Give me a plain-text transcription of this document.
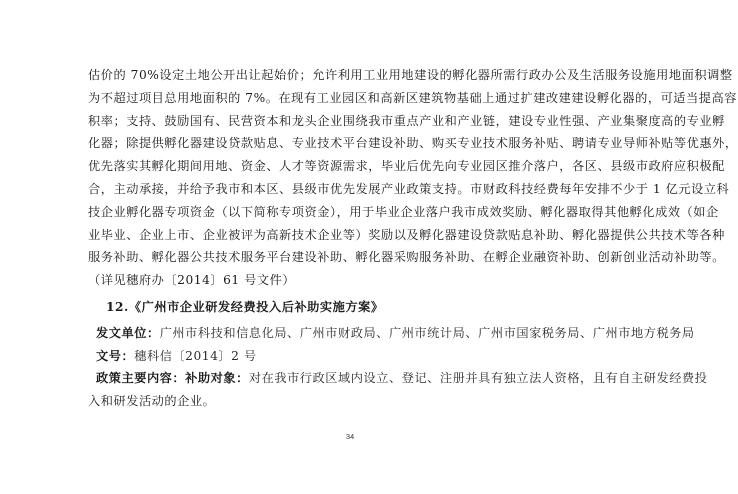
估价的 70%设定土地公开出让起始价；允许利用工业用地建设的孵化器所需行政办公及生活服务设施用地面积调整
为不超过项目总用地面积的 7%。在现有工业园区和高新区建筑物基础上通过扩建改建建设孵化器的，可适当提高容
积率；支持、鼓励国有、民营资本和龙头企业围绕我市重点产业和产业链，建设专业性强、产业集聚度高的专业孵
化器；除提供孵化器建设贷款贴息、专业技术平台建设补助、购买专业技术服务补贴、聘请专业导师补贴等优惠外，
优先落实其孵化期间用地、资金、人才等资源需求，毕业后优先向专业园区推介落户，各区、县级市政府应积极配
合，主动承接，并给予我市和本区、县级市优先发展产业政策支持。市财政科技经费每年安排不少于 1 亿元设立科
技企业孵化器专项资金（以下简称专项资金），用于毕业企业落户我市成效奖励、孵化器取得其他孵化成效（如企
业毕业、企业上市、企业被评为高新技术企业等）奖励以及孵化器建设贷款贴息补助、孵化器提供公共技术等各种
服务补助、孵化器公共技术服务平台建设补助、孵化器采购服务补助、在孵企业融资补助、创新创业活动补助等。
（详见穗府办〔2014〕61 号文件）
12.《广州市企业研发经费投入后补助实施方案》
发文单位：广州市科技和信息化局、广州市财政局、广州市统计局、广州市国家税务局、广州市地方税务局
文号：穗科信〔2014〕2 号
政策主要内容：补助对象：对在我市行政区域内设立、登记、注册并具有独立法人资格，且有自主研发经费投
入和研发活动的企业。
34
